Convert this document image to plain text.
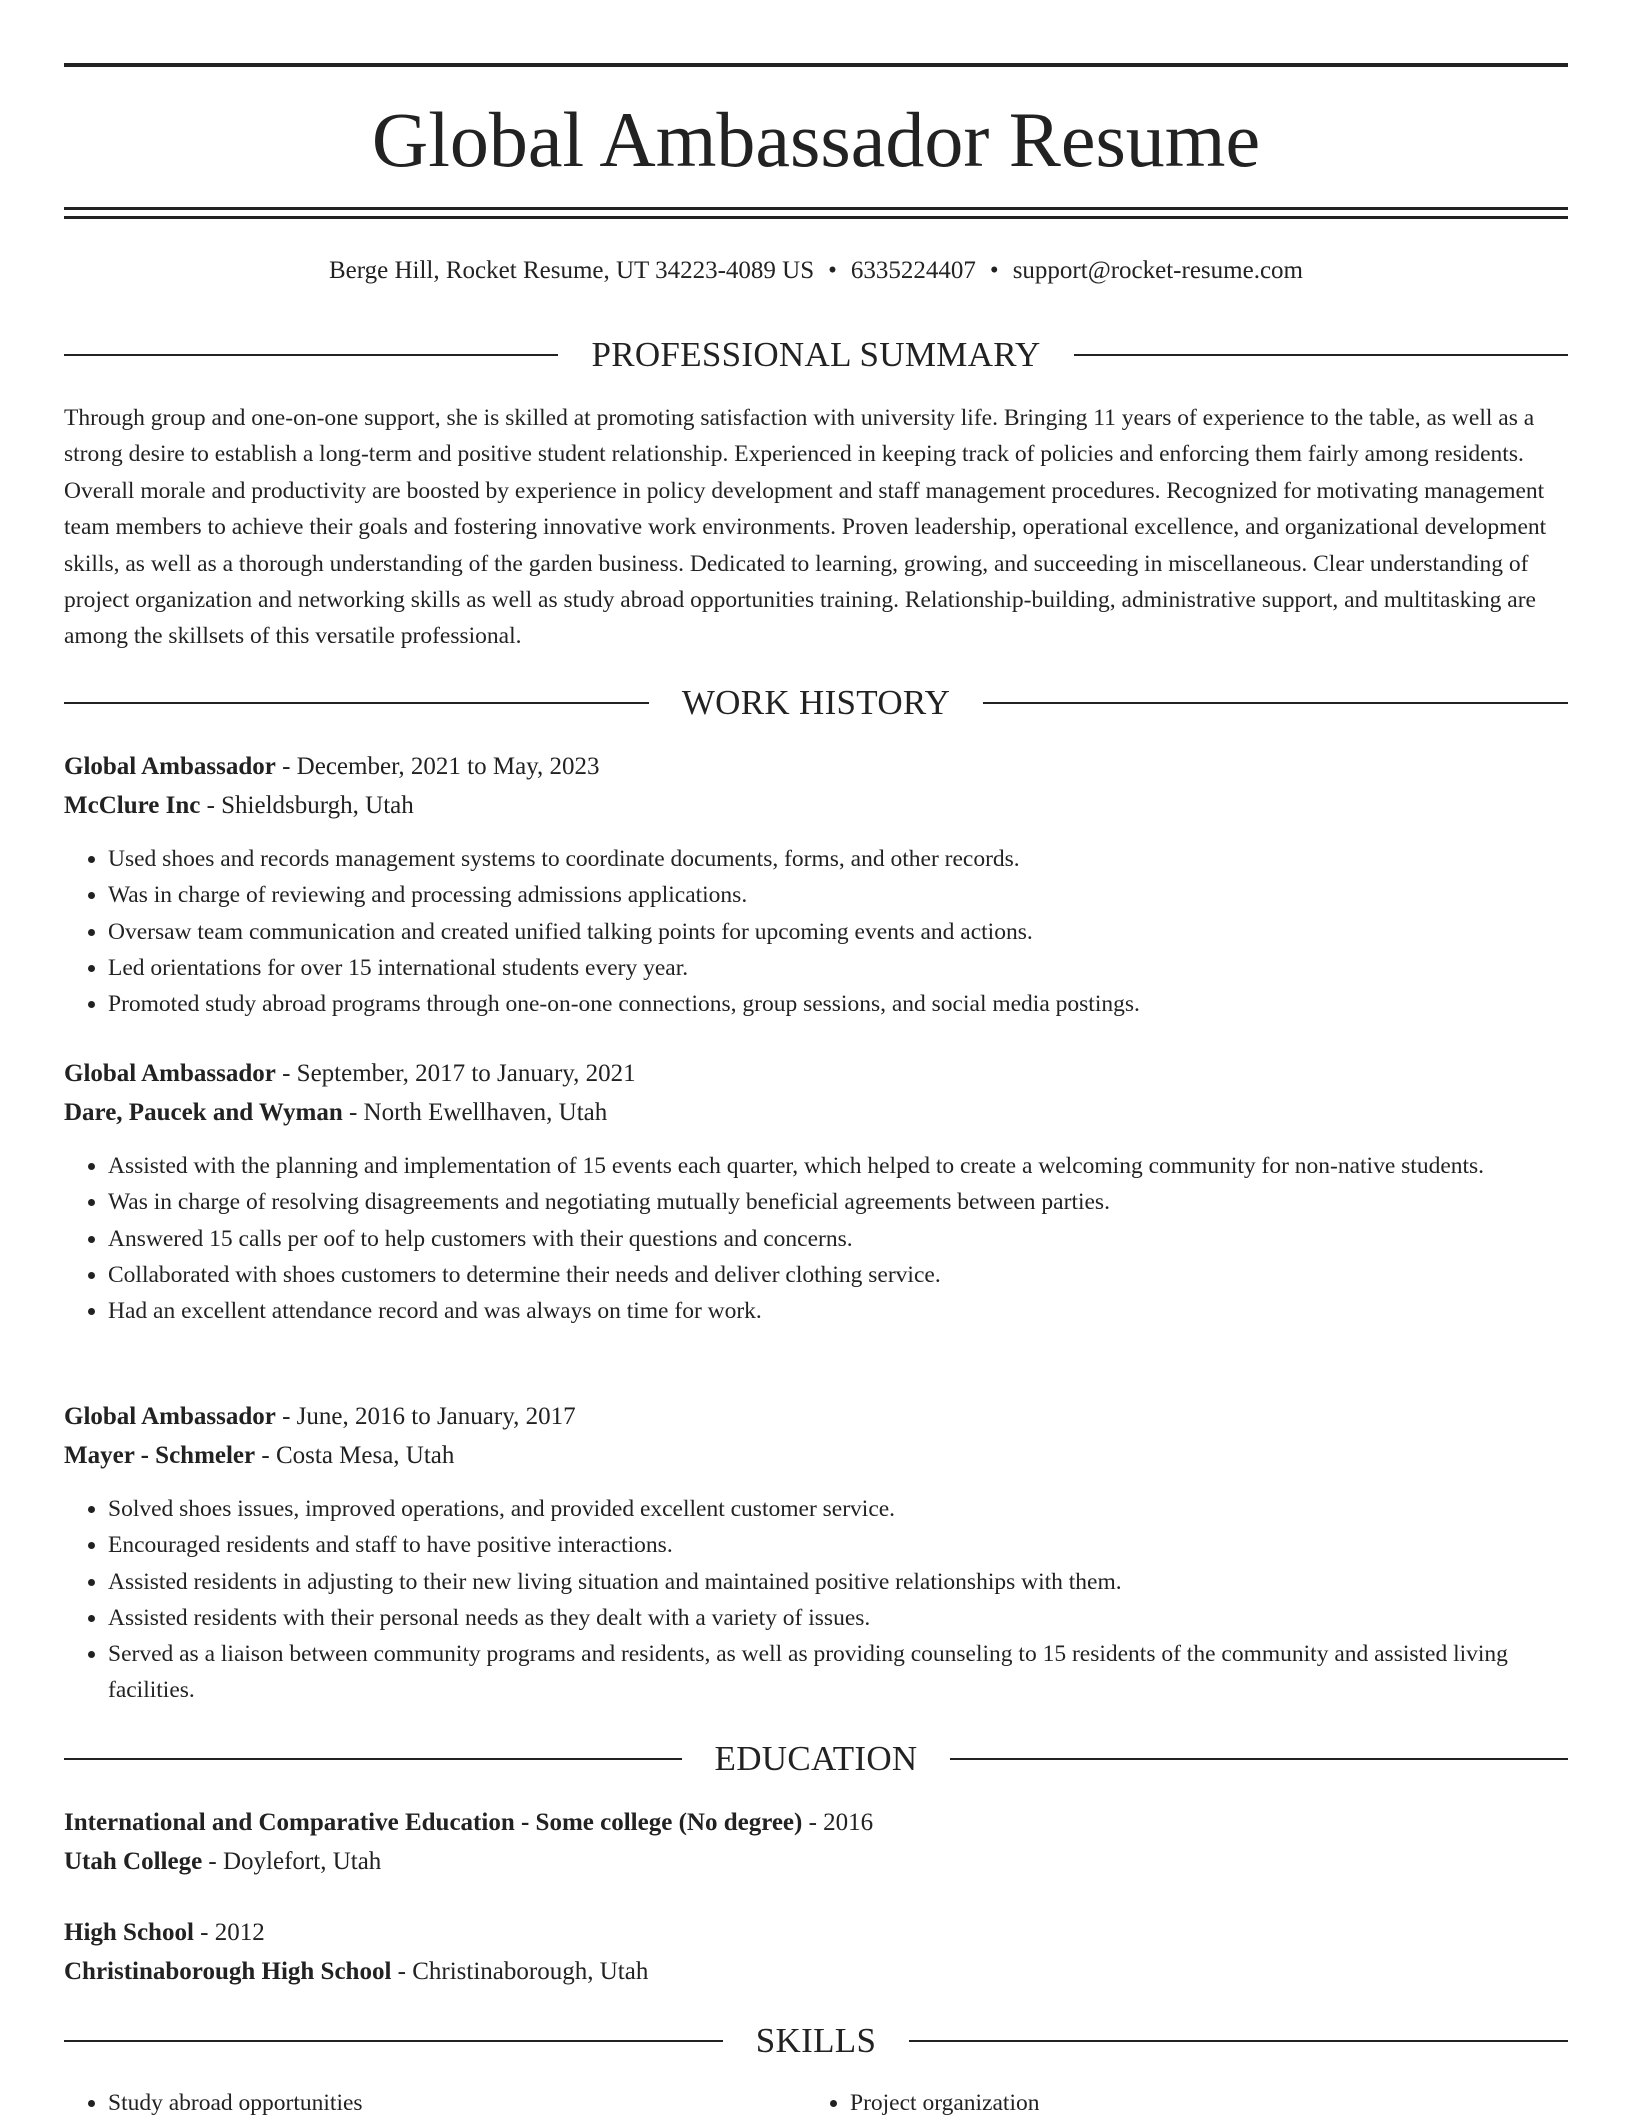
Global Ambassador Resume
Berge Hill, Rocket Resume, UT 34223-4089 US • 6335224407 • support@rocket-resume.com
PROFESSIONAL SUMMARY

Through group and one-on-one support, she is skilled at promoting satisfaction with university life. Bringing 11 years of experience to the table, as well as a strong desire to establish a long-term and positive student relationship. Experienced in keeping track of policies and enforcing them fairly among residents. Overall morale and productivity are boosted by experience in policy development and staff management procedures. Recognized for motivating management team members to achieve their goals and fostering innovative work environments. Proven leadership, operational excellence, and organizational development skills, as well as a thorough understanding of the garden business. Dedicated to learning, growing, and succeeding in miscellaneous. Clear understanding of project organization and networking skills as well as study abroad opportunities training. Relationship-building, administrative support, and multitasking are among the skillsets of this versatile professional.

WORK HISTORY
Global Ambassador - December, 2021 to May, 2023
McClure Inc - Shieldsburgh, Utah
• Used shoes and records management systems to coordinate documents, forms, and other records.
• Was in charge of reviewing and processing admissions applications.
• Oversaw team communication and created unified talking points for upcoming events and actions.
• Led orientations for over 15 international students every year.
• Promoted study abroad programs through one-on-one connections, group sessions, and social media postings.
Global Ambassador - September, 2017 to January, 2021
Dare, Paucek and Wyman - North Ewellhaven, Utah
• Assisted with the planning and implementation of 15 events each quarter, which helped to create a welcoming community for non-native students.
• Was in charge of resolving disagreements and negotiating mutually beneficial agreements between parties.
• Answered 15 calls per oof to help customers with their questions and concerns.
• Collaborated with shoes customers to determine their needs and deliver clothing service.
• Had an excellent attendance record and was always on time for work.
Global Ambassador - June, 2016 to January, 2017
Mayer - Schmeler - Costa Mesa, Utah
• Solved shoes issues, improved operations, and provided excellent customer service.
• Encouraged residents and staff to have positive interactions.
• Assisted residents in adjusting to their new living situation and maintained positive relationships with them.
• Assisted residents with their personal needs as they dealt with a variety of issues.
• Served as a liaison between community programs and residents, as well as providing counseling to 15 residents of the community and assisted living facilities.
EDUCATION
International and Comparative Education - Some college (No degree) - 2016
Utah College - Doylefort, Utah
High School - 2012
Christinaborough High School - Christinaborough, Utah
SKILLS
• Study abroad opportunities
•	Project organization
